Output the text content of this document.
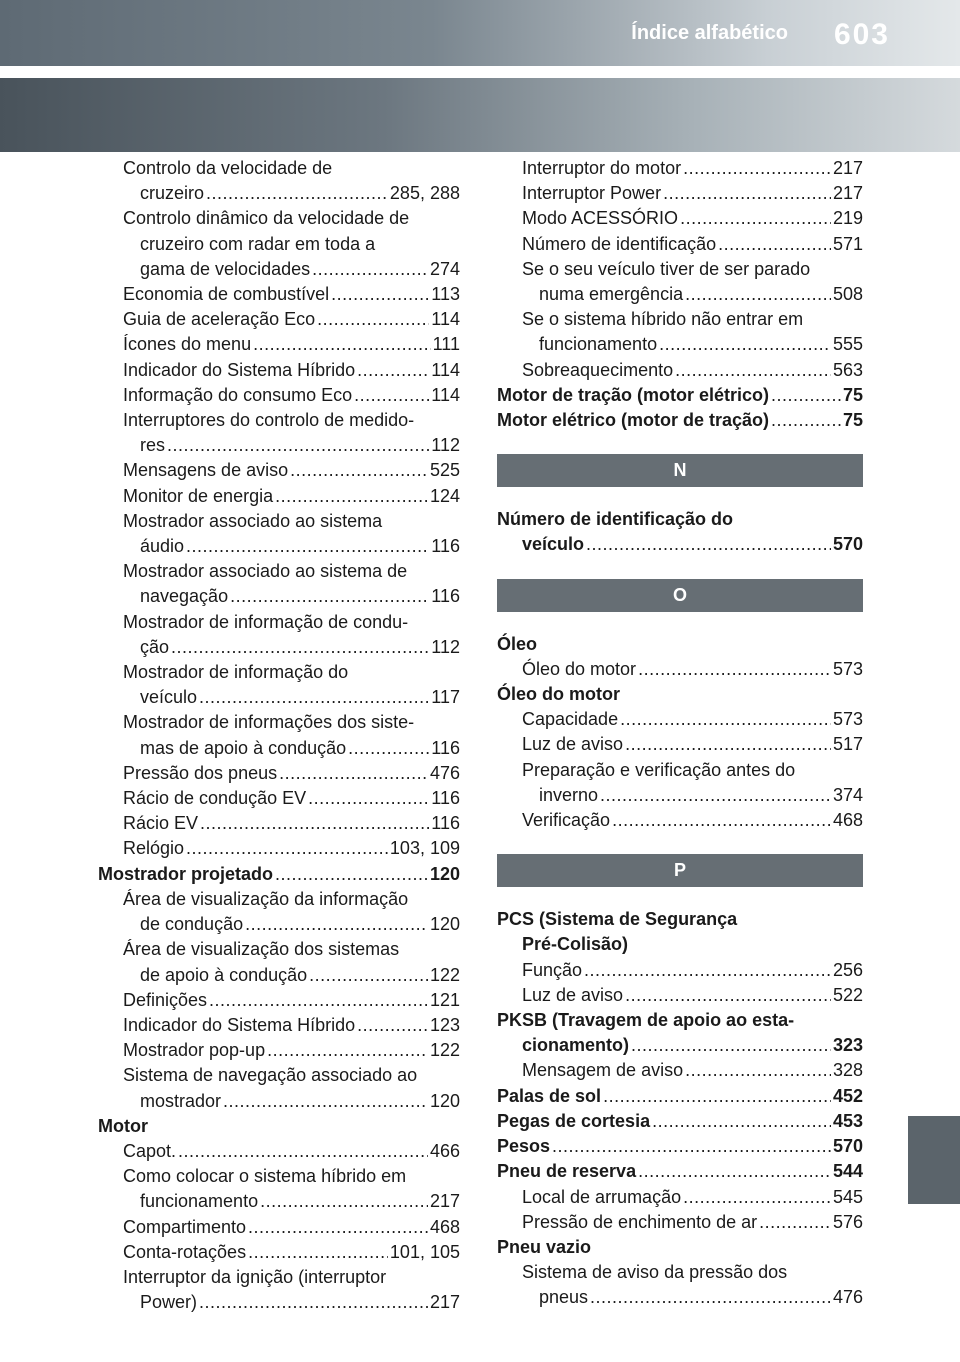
Índice alfabético 603
Controlo da velocidade de
cruzeiro .....	285, 288
Controlo dinâmico da velocidade de
cruzeiro com radar em toda a
gama de velocidades .....	274
Economia de combustível .....	113
Guia de aceleração Eco .....	114
Ícones do menu .....	111
Indicador do Sistema Híbrido .....	114
Informação do consumo Eco .....	114
Interruptores do controlo de medido-
res .....	112
Mensagens de aviso .....	525
Monitor de energia .....	124
Mostrador associado ao sistema
áudio .....	116
Mostrador associado ao sistema de
navegação .....	116
Mostrador de informação de condu-
ção .....	112
Mostrador de informação do
veículo .....	117
Mostrador de informações dos siste-
mas de apoio à condução .....	116
Pressão dos pneus .....	476
Rácio de condução EV .....	116
Rácio EV .....	116
Relógio .....	103, 109
Mostrador projetado .....	120
Área de visualização da informação
de condução .....	120
Área de visualização dos sistemas
de apoio à condução .....	122
Definições .....	121
Indicador do Sistema Híbrido .....	123
Mostrador pop-up .....	122
Sistema de navegação associado ao
mostrador .....	120
Motor
Capot. .....	466
Como colocar o sistema híbrido em
funcionamento .....	217
Compartimento .....	468
Conta-rotações .....	101, 105
Interruptor da ignição (interruptor
Power) .....	217
Interruptor do motor .....	217
Interruptor Power .....	217
Modo ACESSÓRIO .....	219
Número de identificação .....	571
Se o seu veículo tiver de ser parado
numa emergência .....	508
Se o sistema híbrido não entrar em
funcionamento .....	555
Sobreaquecimento .....	563
Motor de tração (motor elétrico) .....	75
Motor elétrico (motor de tração) .....	75
N
Número de identificação do
veículo .....	570
O
Óleo
Óleo do motor .....	573
Óleo do motor
Capacidade .....	573
Luz de aviso .....	517
Preparação e verificação antes do
inverno .....	374
Verificação .....	468
P
PCS (Sistema de Segurança
Pré-Colisão)
Função .....	256
Luz de aviso .....	522
PKSB (Travagem de apoio ao esta-
cionamento) .....	323
Mensagem de aviso .....	328
Palas de sol .....	452
Pegas de cortesia .....	453
Pesos .....	570
Pneu de reserva .....	544
Local de arrumação .....	545
Pressão de enchimento de ar .....	576
Pneu vazio
Sistema de aviso da pressão dos
pneus .....	476
